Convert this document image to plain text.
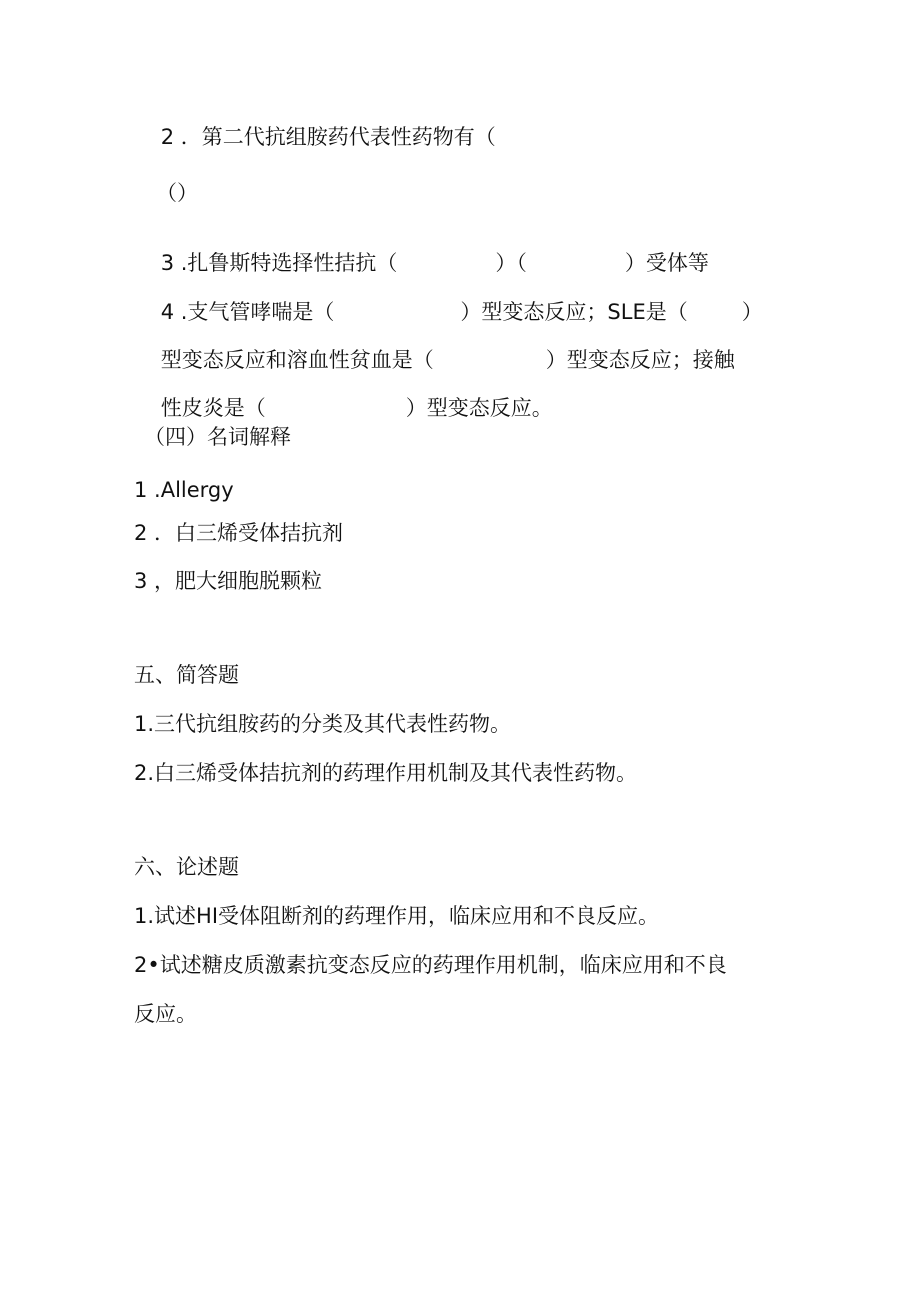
2 ．第二代抗组胺药代表性药物有（

（）

3 .扎鲁斯特选择性拮抗（	）（	）受体等

4 .支气管哮喘是（	）型变态反应；SLE是（	）

型变态反应和溶血性贫血是（	）型变态反应；接触

性皮炎是（	）型变态反应。

（四）名词解释
1 .Allergy
2 ．白三烯受体拮抗剂
3 ，肥大细胞脱颗粒
五、简答题
1.三代抗组胺药的分类及其代表性药物。
2.白三烯受体拮抗剂的药理作用机制及其代表性药物。
六、论述题
1.试述HI受体阻断剂的药理作用，临床应用和不良反应。
2•试述糖皮质激素抗变态反应的药理作用机制，临床应用和不良
反应。
